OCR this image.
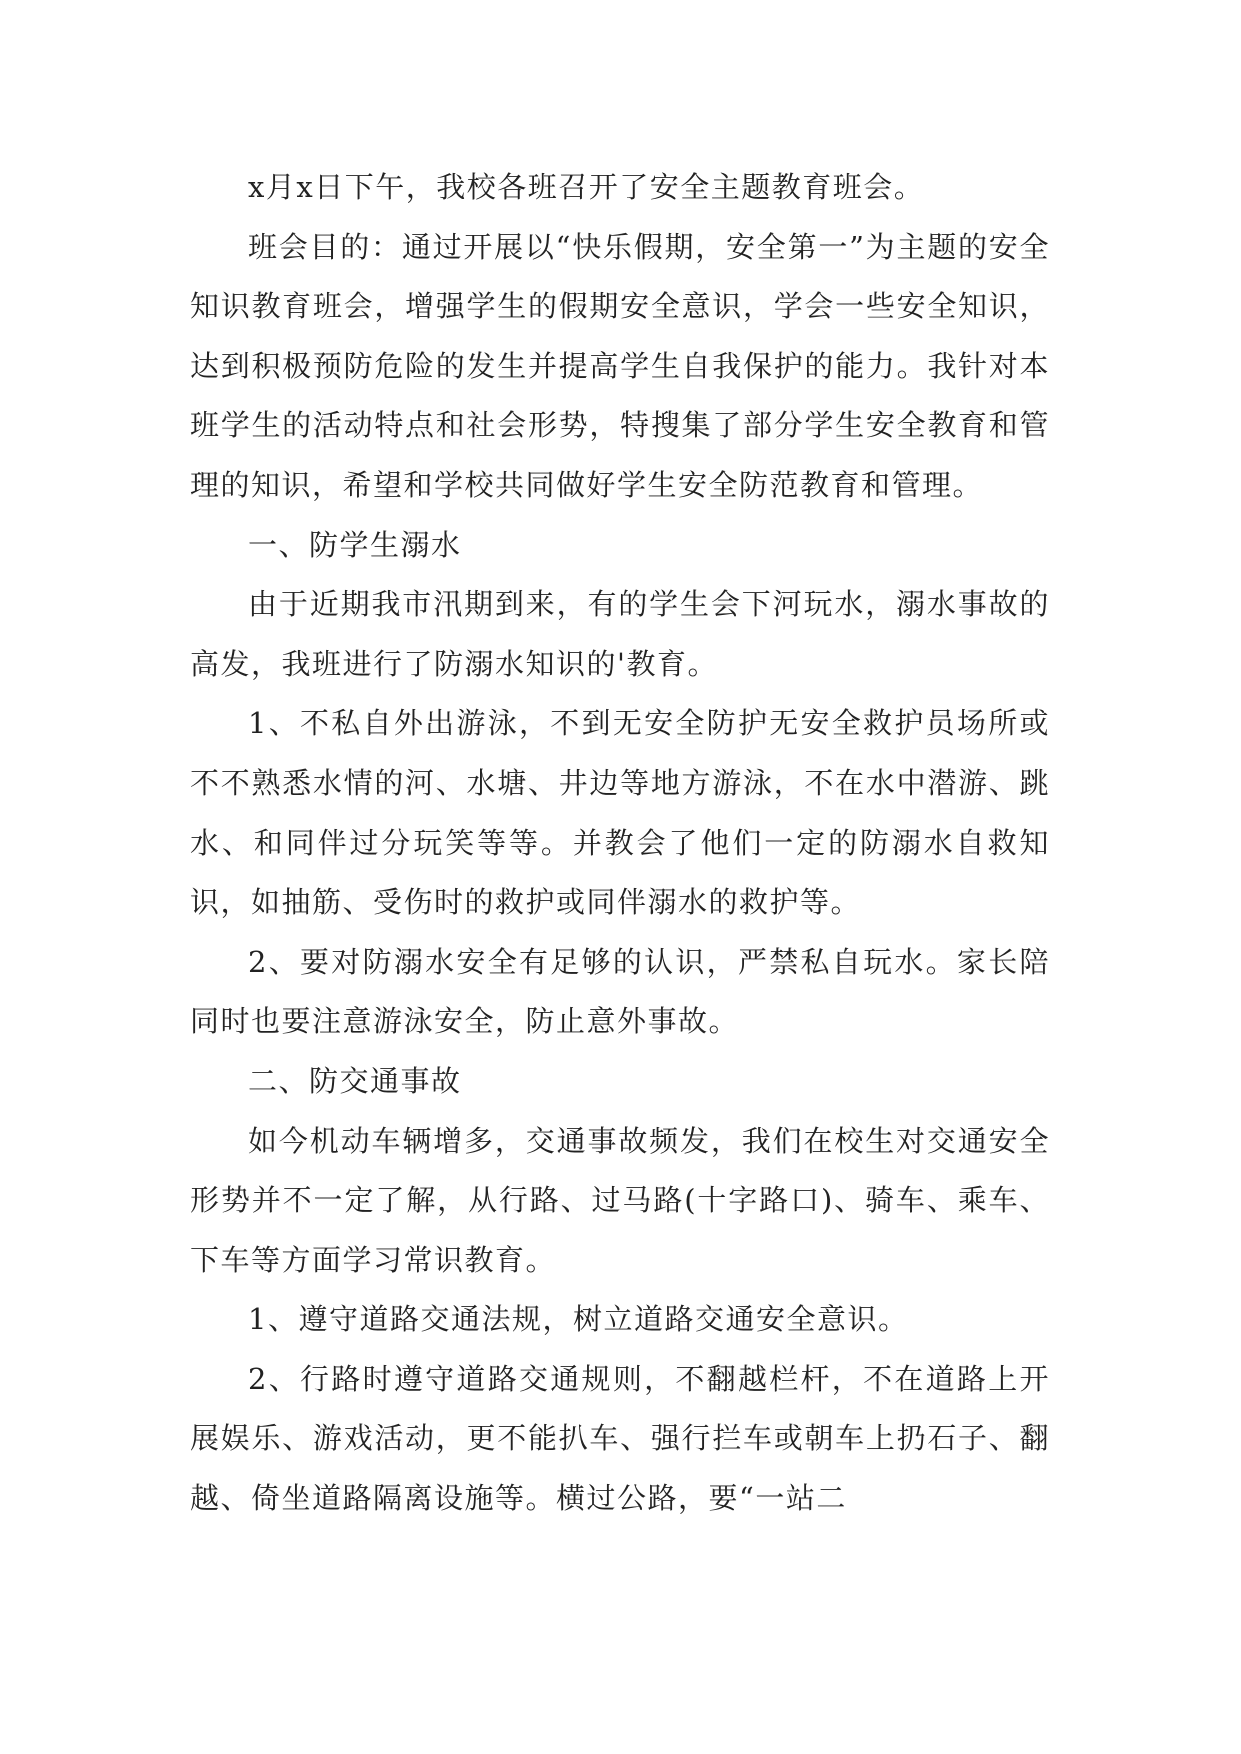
x月x日下午，我校各班召开了安全主题教育班会。

班会目的：通过开展以“快乐假期，安全第一”为主题的安全知识教育班会，增强学生的假期安全意识，学会一些安全知识，达到积极预防危险的发生并提高学生自我保护的能力。我针对本班学生的活动特点和社会形势，特搜集了部分学生安全教育和管理的知识，希望和学校共同做好学生安全防范教育和管理。

一、防学生溺水

由于近期我市汛期到来，有的学生会下河玩水，溺水事故的高发，我班进行了防溺水知识的'教育。

1、不私自外出游泳，不到无安全防护无安全救护员场所或不不熟悉水情的河、水塘、井边等地方游泳，不在水中潜游、跳水、和同伴过分玩笑等等。并教会了他们一定的防溺水自救知识，如抽筋、受伤时的救护或同伴溺水的救护等。

2、要对防溺水安全有足够的认识，严禁私自玩水。家长陪同时也要注意游泳安全，防止意外事故。

二、防交通事故

如今机动车辆增多，交通事故频发，我们在校生对交通安全形势并不一定了解，从行路、过马路(十字路口)、骑车、乘车、下车等方面学习常识教育。

1、遵守道路交通法规，树立道路交通安全意识。

2、行路时遵守道路交通规则，不翻越栏杆，不在道路上开展娱乐、游戏活动，更不能扒车、强行拦车或朝车上扔石子、翻越、倚坐道路隔离设施等。横过公路，要“一站二
